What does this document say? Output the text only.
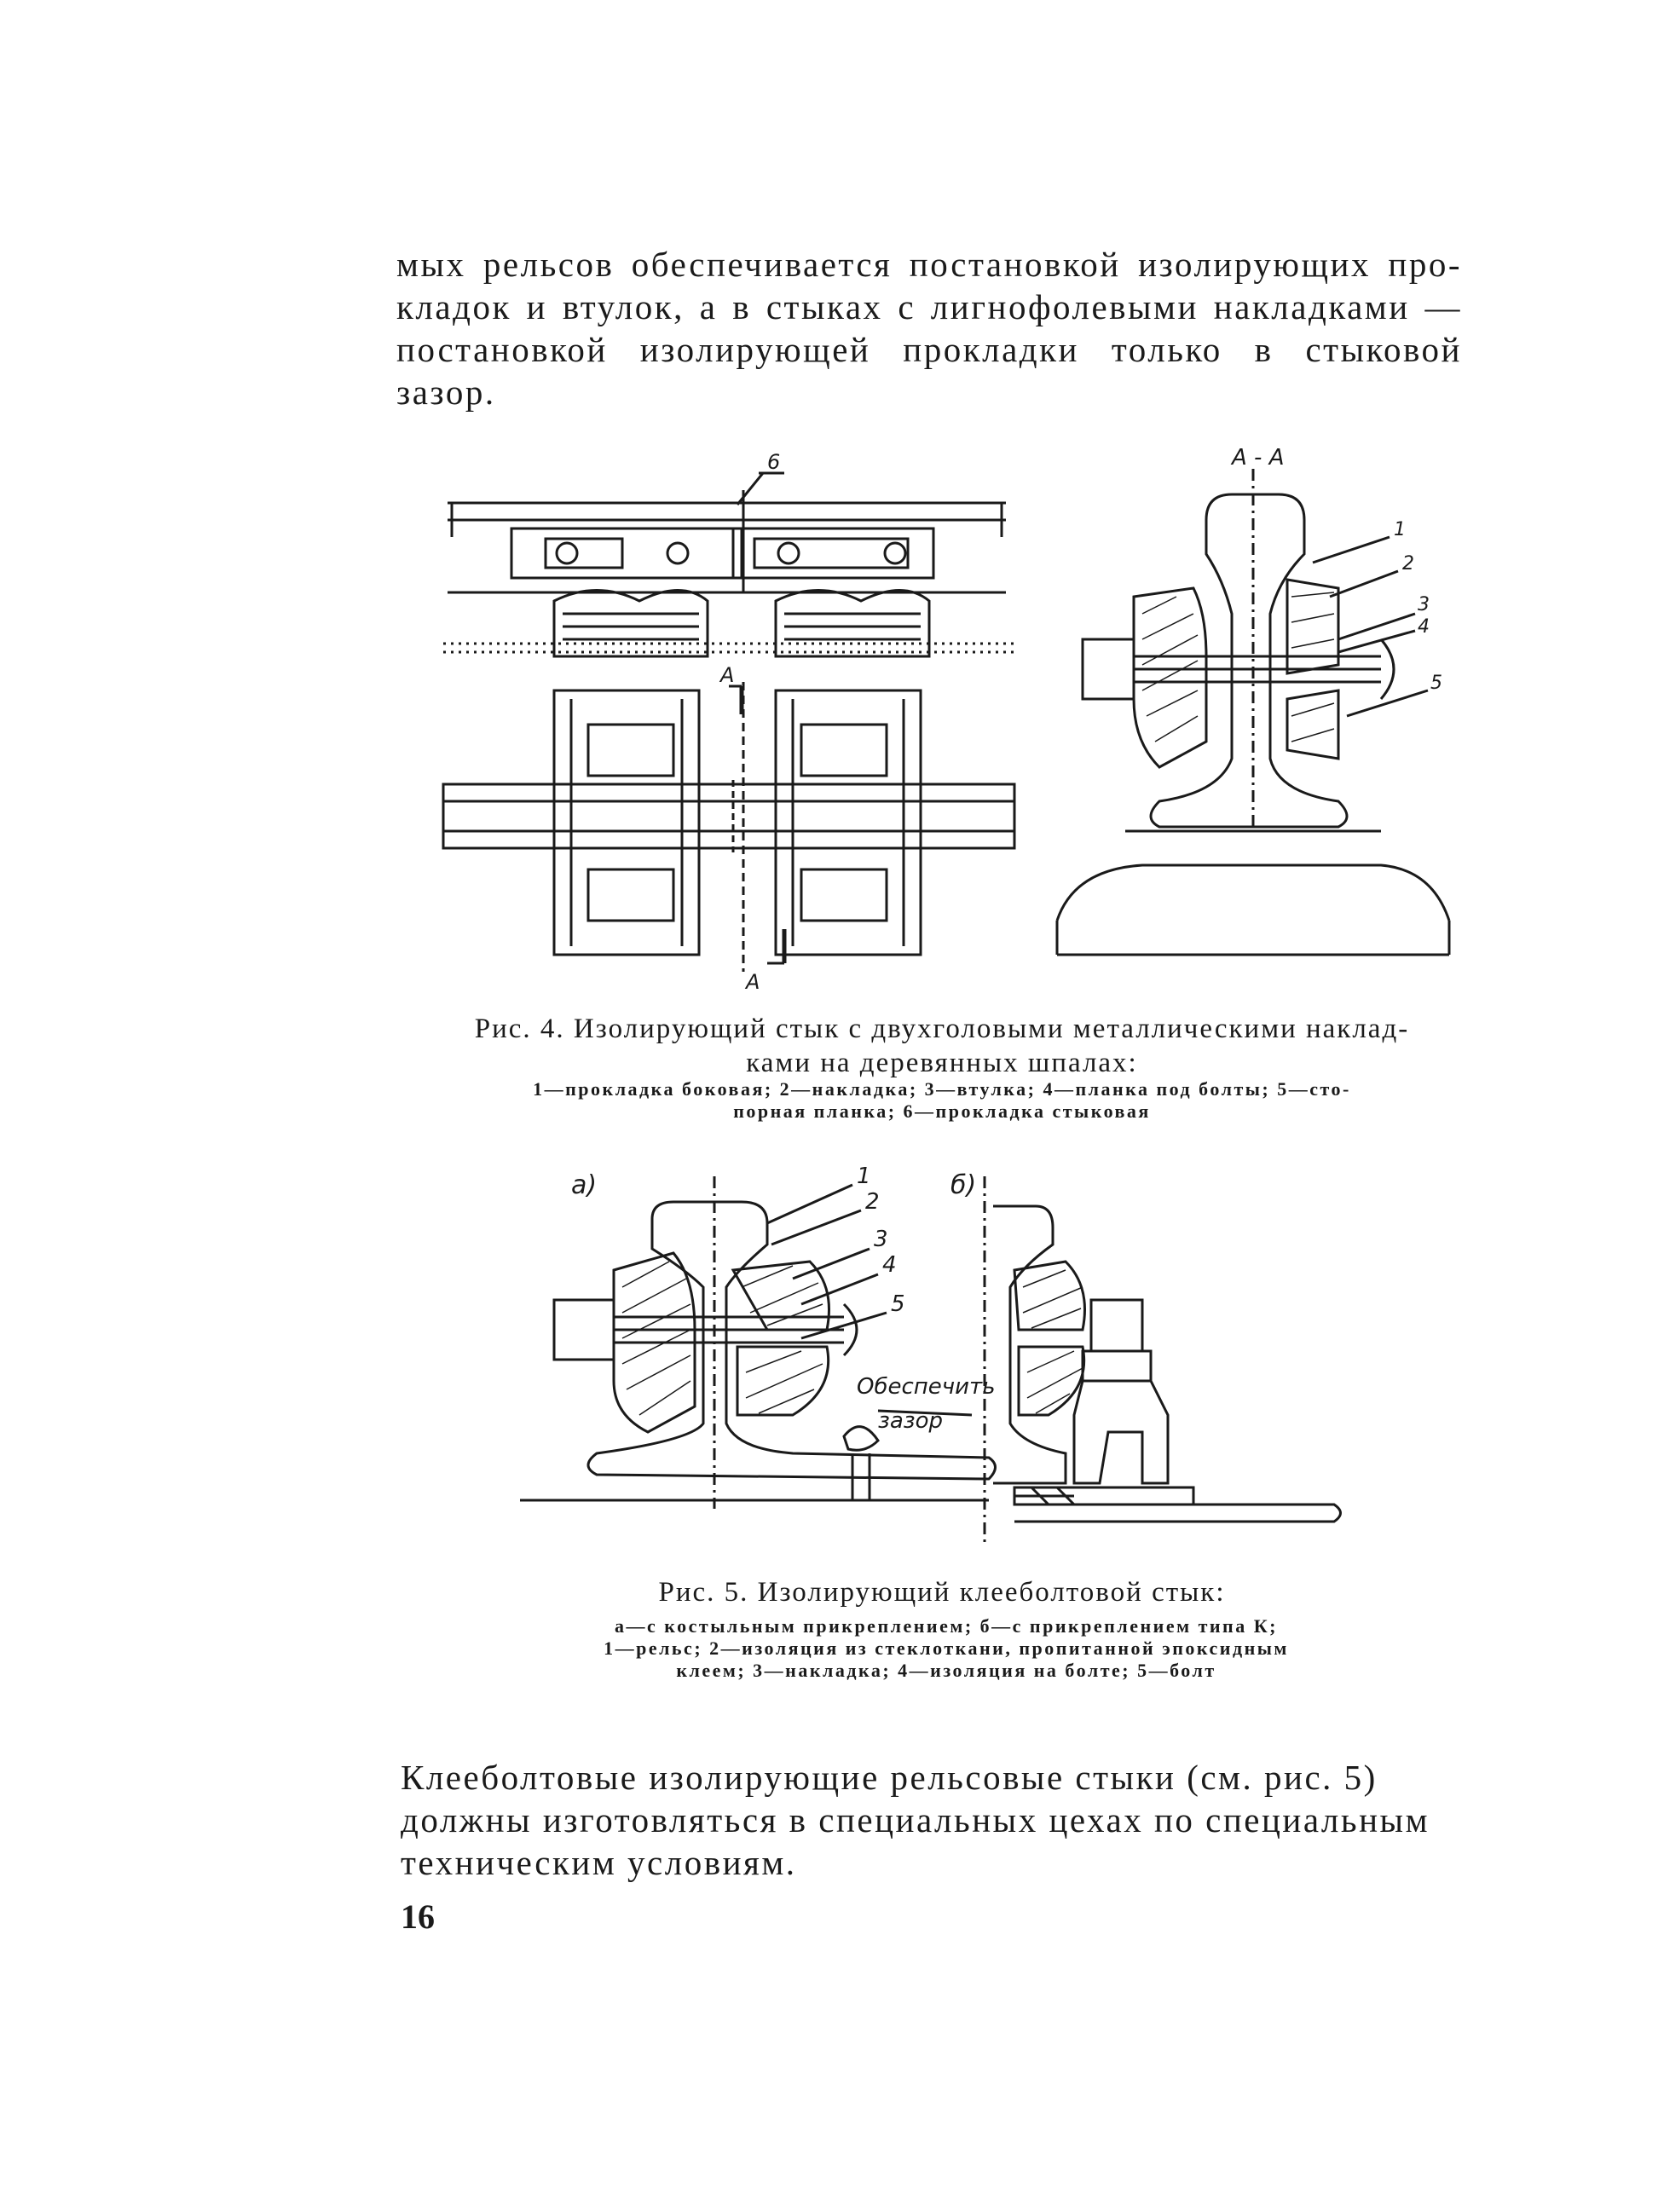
мых рельсов обеспечивается постановкой изолирующих про-
кладок и втулок, а в стыках с лигнофолевыми накладками —
постановкой изолирующей прокладки только в стыковой
зазор.
6	А - А
А
А
1
2
3
4
5
Рис. 4. Изолирующий стык с двухголовыми металлическими наклад-
ками на деревянных шпалах:
1—прокладка боковая; 2—накладка; 3—втулка; 4—планка под болты; 5—сто-
порная планка; 6—прокладка стыковая
а)	б)
1
2
3
4
5
Обеспечить
зазор
Рис. 5. Изолирующий клееболтовой стык:
а—с костыльным прикреплением; б—с прикреплением типа К;
1—рельс; 2—изоляция из стеклоткани, пропитанной эпоксидным
клеем; 3—накладка; 4—изоляция на болте; 5—болт
Клееболтовые изолирующие рельсовые стыки (см. рис. 5)
должны изготовляться в специальных цехах по специальным
техническим условиям.
16
